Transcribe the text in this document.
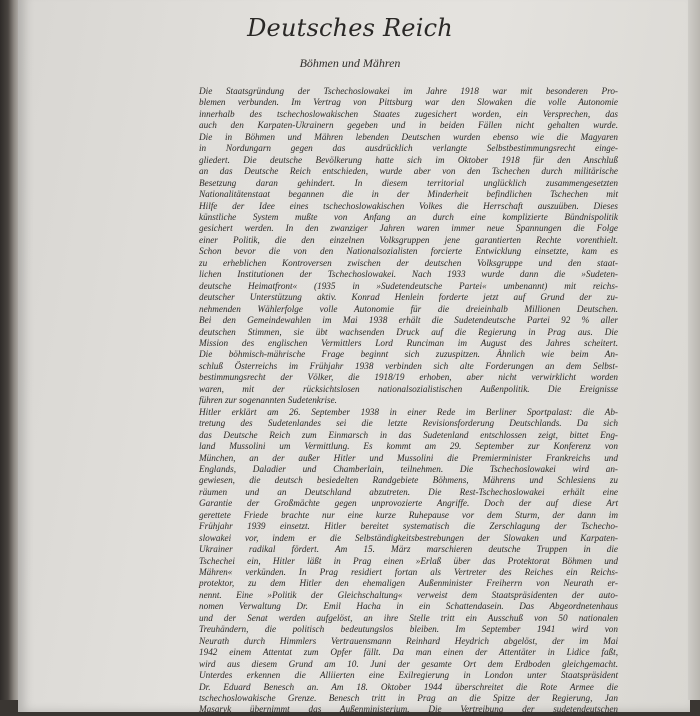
Deutsches Reich
Böhmen und Mähren
Die Staatsgründung der Tschechoslowakei im Jahre 1918 war mit besonderen Pro-
blemen verbunden. Im Vertrag von Pittsburg war den Slowaken die volle Autonomie
innerhalb des tschechoslowakischen Staates zugesichert worden, ein Versprechen, das
auch den Karpaten-Ukrainern gegeben und in beiden Fällen nicht gehalten wurde.
Die in Böhmen und Mähren lebenden Deutschen wurden ebenso wie die Magyaren
in Nordungarn gegen das ausdrücklich verlangte Selbstbestimmungsrecht einge-
gliedert. Die deutsche Bevölkerung hatte sich im Oktober 1918 für den Anschluß
an das Deutsche Reich entschieden, wurde aber von den Tschechen durch militärische
Besetzung daran gehindert. In diesem territorial unglücklich zusammengesetzten
Nationalitätenstaat begannen die in der Minderheit befindlichen Tschechen mit
Hilfe der Idee eines tschechoslowakischen Volkes die Herrschaft auszuüben. Dieses
künstliche System mußte von Anfang an durch eine komplizierte Bündnispolitik
gesichert werden. In den zwanziger Jahren waren immer neue Spannungen die Folge
einer Politik, die den einzelnen Volksgruppen jene garantierten Rechte vorenthielt.
Schon bevor die von den Nationalsozialisten forcierte Entwicklung einsetzte, kam es
zu erheblichen Kontroversen zwischen der deutschen Volksgruppe und den staat-
lichen Institutionen der Tschechoslowakei. Nach 1933 wurde dann die »Sudeten-
deutsche Heimatfront« (1935 in »Sudetendeutsche Partei« umbenannt) mit reichs-
deutscher Unterstützung aktiv. Konrad Henlein forderte jetzt auf Grund der zu-
nehmenden Wählerfolge volle Autonomie für die dreieinhalb Millionen Deutschen.
Bei den Gemeindewahlen im Mai 1938 erhält die Sudetendeutsche Partei 92 % aller
deutschen Stimmen, sie übt wachsenden Druck auf die Regierung in Prag aus. Die
Mission des englischen Vermittlers Lord Runciman im August des Jahres scheitert.
Die böhmisch-mährische Frage beginnt sich zuzuspitzen. Ähnlich wie beim An-
schluß Österreichs im Frühjahr 1938 verbinden sich alte Forderungen an dem Selbst-
bestimmungsrecht der Völker, die 1918/19 erhoben, aber nicht verwirklicht worden
waren, mit der rücksichtslosen nationalsozialistischen Außenpolitik. Die Ereignisse
führen zur sogenannten Sudetenkrise.
Hitler erklärt am 26. September 1938 in einer Rede im Berliner Sportpalast: die Ab-
tretung des Sudetenlandes sei die letzte Revisionsforderung Deutschlands. Da sich
das Deutsche Reich zum Einmarsch in das Sudetenland entschlossen zeigt, bittet Eng-
land Mussolini um Vermittlung. Es kommt am 29. September zur Konferenz von
München, an der außer Hitler und Mussolini die Premierminister Frankreichs und
Englands, Daladier und Chamberlain, teilnehmen. Die Tschechoslowakei wird an-
gewiesen, die deutsch besiedelten Randgebiete Böhmens, Mährens und Schlesiens zu
räumen und an Deutschland abzutreten. Die Rest-Tschechoslowakei erhält eine
Garantie der Großmächte gegen unprovozierte Angriffe. Doch der auf diese Art
gerettete Friede brachte nur eine kurze Ruhepause vor dem Sturm, der dann im
Frühjahr 1939 einsetzt. Hitler bereitet systematisch die Zerschlagung der Tschecho-
slowakei vor, indem er die Selbständigkeitsbestrebungen der Slowaken und Karpaten-
Ukrainer radikal fördert. Am 15. März marschieren deutsche Truppen in die
Tschechei ein, Hitler läßt in Prag einen »Erlaß über das Protektorat Böhmen und
Mähren« verkünden. In Prag residiert fortan als Vertreter des Reiches ein Reichs-
protektor, zu dem Hitler den ehemaligen Außenminister Freiherrn von Neurath er-
nennt. Eine »Politik der Gleichschaltung« verweist dem Staatspräsidenten der auto-
nomen Verwaltung Dr. Emil Hacha in ein Schattendasein. Das Abgeordnetenhaus
und der Senat werden aufgelöst, an ihre Stelle tritt ein Ausschuß von 50 nationalen
Treuhändern, die politisch bedeutungslos bleiben. Im September 1941 wird von
Neurath durch Himmlers Vertrauensmann Reinhard Heydrich abgelöst, der im Mai
1942 einem Attentat zum Opfer fällt. Da man einen der Attentäter in Lidice faßt,
wird aus diesem Grund am 10. Juni der gesamte Ort dem Erdboden gleichgemacht.
Unterdes erkennen die Alliierten eine Exilregierung in London unter Staatspräsident
Dr. Eduard Benesch an. Am 18. Oktober 1944 überschreitet die Rote Armee die
tschechoslowakische Grenze. Benesch tritt in Prag an die Spitze der Regierung, Jan
Masaryk übernimmt das Außenministerium. Die Vertreibung der sudetendeutschen
